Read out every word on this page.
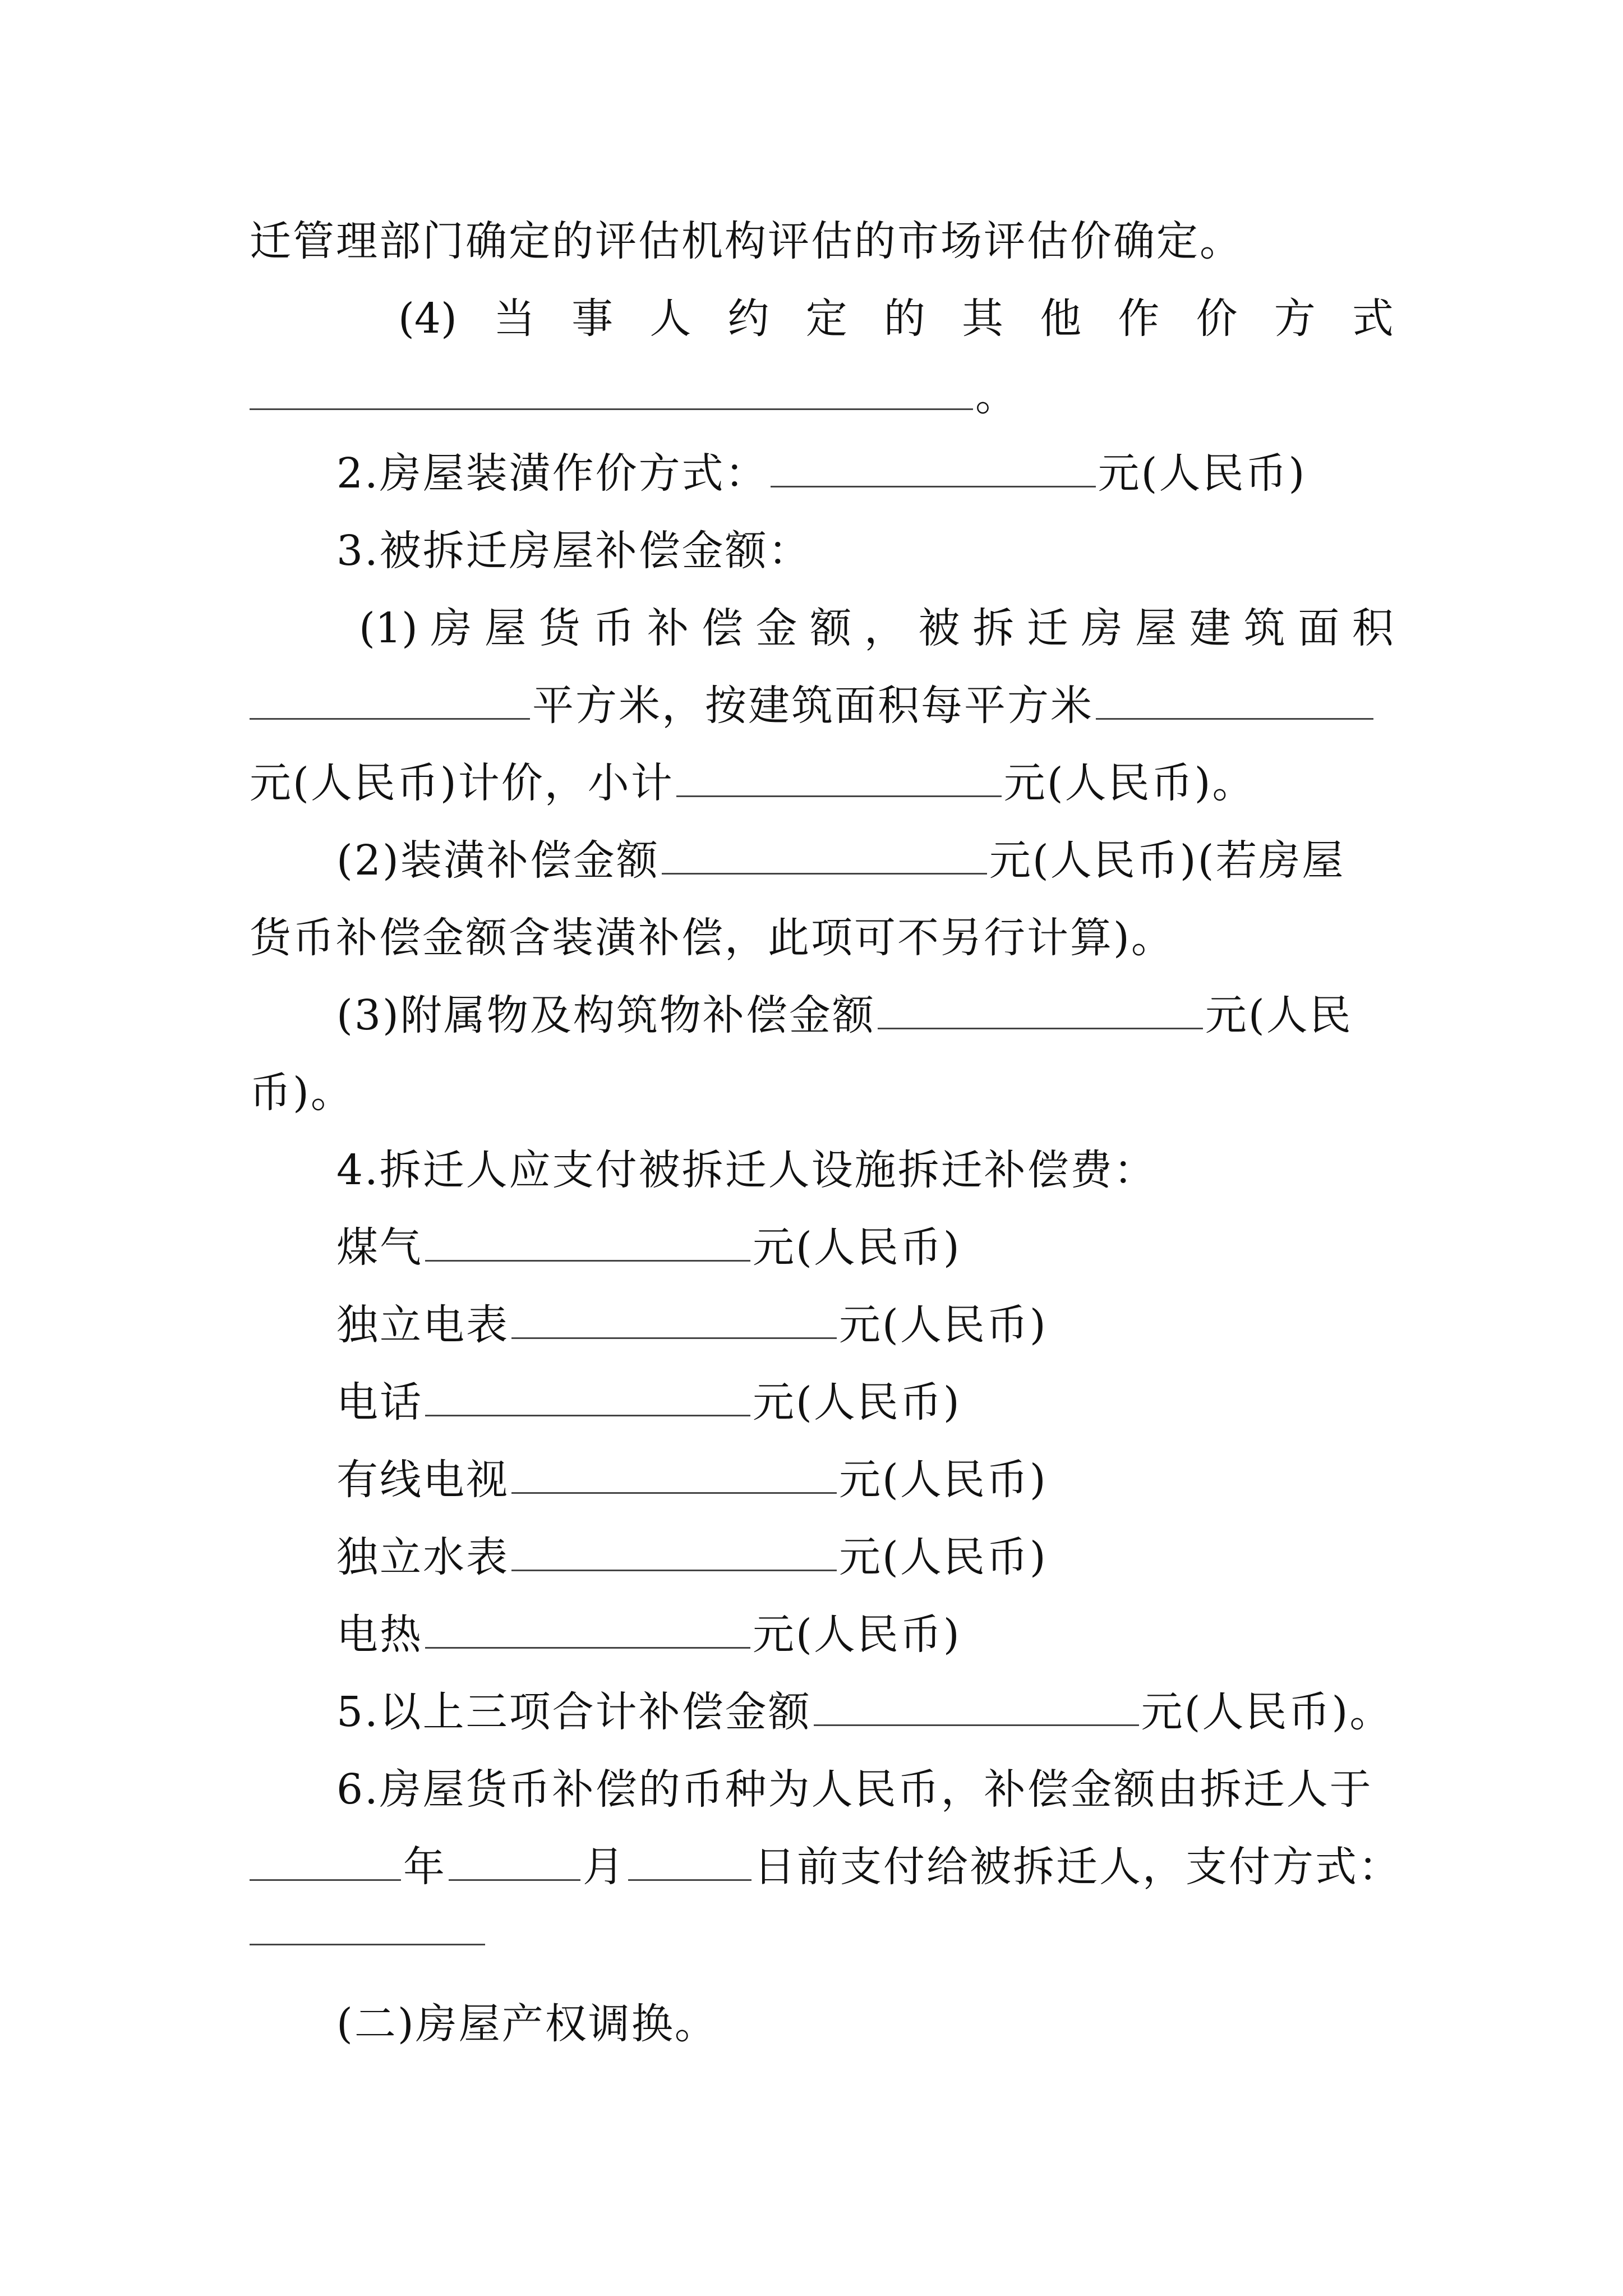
迁管理部门确定的评估机构评估的市场评估价确定。
(4) 当 事 人 约 定 的 其 他 作 价 方 式
。
2.房屋装潢作价方式：	元(人民币)
3.被拆迁房屋补偿金额：
(1) 房 屋 货 币 补 偿 金 额 ， 被 拆 迁 房 屋 建 筑 面 积
平方米，按建筑面积每平方米
元(人民币)计价，小计	元(人民币)。
(2)装潢补偿金额	元(人民币)(若房屋
货币补偿金额含装潢补偿，此项可不另行计算)。
(3)附属物及构筑物补偿金额	元(人民
币)。
4.拆迁人应支付被拆迁人设施拆迁补偿费：
煤气	元(人民币)
独立电表	元(人民币)
电话	元(人民币)
有线电视	元(人民币)
独立水表	元(人民币)
电热	元(人民币)
5.以上三项合计补偿金额	元(人民币)。
6.房屋货币补偿的币种为人民币，补偿金额由拆迁人于
年	月	日前支付给被拆迁人，支付方式：
(二)房屋产权调换。
